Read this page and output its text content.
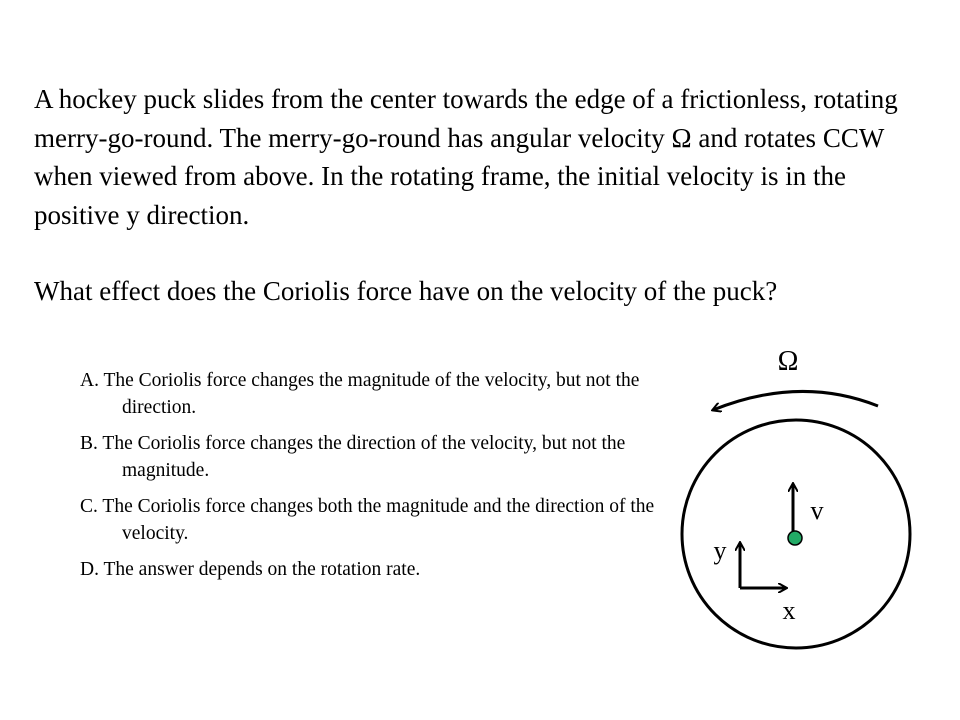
A hockey puck slides from the center towards the edge of a frictionless, rotating merry-go-round. The merry-go-round has angular velocity Ω and rotates CCW when viewed from above. In the rotating frame, the initial velocity is in the positive y direction.

What effect does the Coriolis force have on the velocity of the puck?

A. The Coriolis force changes the magnitude of the velocity, but not the direction.
B. The Coriolis force changes the direction of the velocity, but not the magnitude.
C. The Coriolis force changes both the magnitude and the direction of the velocity.
D. The answer depends on the rotation rate.
Ω
v
y
x
